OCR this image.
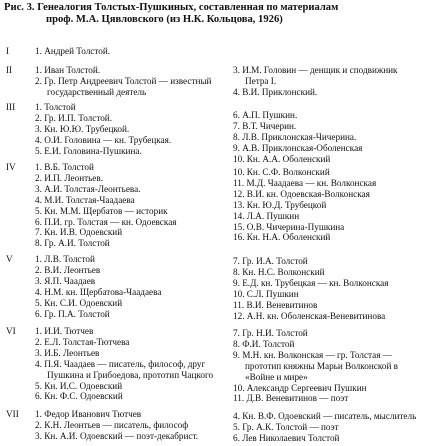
Рис. 3. Генеалогия Толстых-Пушкиных, составленная по материалам
проф. М.А. Цявловского (из Н.К. Кольцова, 1926)
I	1. Андрей Толстой.
II 1. Иван Толстой.
2. Гр. Петр Андреевич Толстой — известный
государственный деятель
3. И.М. Головин — денщик и сподвижник
Петра I.
4. В.И. Приклонский.
III 1. Толстой
2. Гр. И.П. Толстой.
3. Кн. Ю.Ю. Трубецкой.
4. О.И. Головина — кн. Трубецкая.
5. Е.И. Головина-Пушкина.
6. А.П. Пушкин.
7. В.Т. Чичерин.
8. Л.В. Приклонская-Чичерина.
9. А.В. Приклонская-Оболенская
10. Кн. А.А. Оболенский
IV 1. В.Б. Толстой
2. И.П. Леонтьев.
3. А.И. Толстая-Леонтьева.
4. М.И. Толстая-Чаадаева
5. Кн. М.М. Щербатов — историк
6. П.И. гр. Толстая — кн. Одоевская
7. Кн. И.В. Одоевский
8. Гр. А.И. Толстой
10. Кн. С.Ф. Волконский
11. М.Д. Чаадаева — кн. Волконская
12. В.И. кн. Одоевская-Волконская
13. Кн. Ю.Д. Трубецкой
14. Л.А. Пушкин
15. О.В. Чичерина-Пушкина
16. Кн. Н.А. Оболенский
V 1. Л.В. Толстой
2. В.И. Леонтьев
3. Я.П. Чаадаев
4. Н.М. кн. Щербатова-Чаадаева
5. Кн. С.И. Одоевский
6. Гр. П.А. Толстой
7. Гр. И.А. Толстой
8. Кн. Н.С. Волконский
9. Е.Д. кн. Трубецкая — кн. Волконская
10. С.Л. Пушкин
11. В.И. Веневитинов
12. А.Н. кн. Оболенская-Веневитинова
VI 1. И.И. Тютчев
2. Е.Л. Толстая-Тютчева
3. И.Б. Леонтьев
4. П.Я. Чаадаев — писатель, философ, друг
Пушкина и Грибоедова, прототип Чацкого
5. Кн. И.С. Одоевский
6. Кн. Ф.С. Одоевский
7. Гр. Н.И. Толстой
8. Ф.И. Толстой
9. М.Н. кн. Волконская — гр. Толстая —
прототип княжны Марьи Волконской в
«Войне и мире»
10. Александр Сергеевич Пушкин
11. Д.В. Веневитинов — поэт
VII 1. Федор Иванович Тютчев
2. К.Н. Леонтьев — писатель, философ
3. Кн. А.И. Одоевский — поэт-декабрист.
4. Кн. В.Ф. Одоевский — писатель, мыслитель
5. Гр. А.К. Толстой — поэт
6. Лев Николаевич Толстой
